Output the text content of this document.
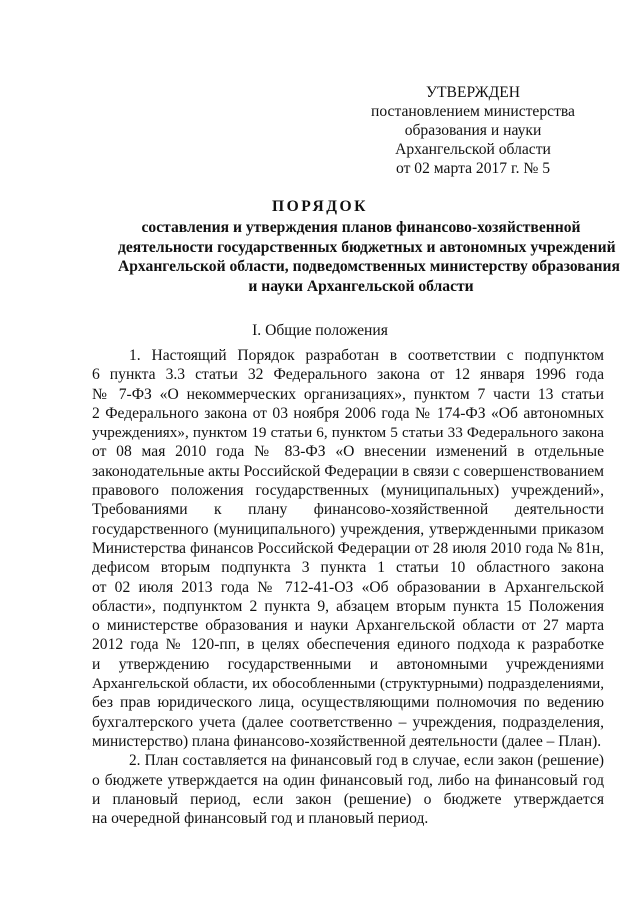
УТВЕРЖДЕН
постановлением министерства
образования и науки
Архангельской области
от 02 марта 2017 г. № 5
ПОРЯДОК
составления и утверждения планов финансово-хозяйственной
деятельности государственных бюджетных и автономных учреждений
Архангельской области, подведомственных министерству образования
и науки Архангельской области
I. Общие положения
1. Настоящий Порядок разработан в соответствии с подпунктом
6 пункта 3.3 статьи 32 Федерального закона от 12 января 1996 года
№ 7-ФЗ «О некоммерческих организациях», пунктом 7 части 13 статьи
2 Федерального закона от 03 ноября 2006 года № 174-ФЗ «Об автономных
учреждениях», пунктом 19 статьи 6, пунктом 5 статьи 33 Федерального закона
от 08 мая 2010 года № 83-ФЗ «О внесении изменений в отдельные
законодательные акты Российской Федерации в связи с совершенствованием
правового положения государственных (муниципальных) учреждений»,
Требованиями к плану финансово-хозяйственной деятельности
государственного (муниципального) учреждения, утвержденными приказом
Министерства финансов Российской Федерации от 28 июля 2010 года № 81н,
дефисом вторым подпункта 3 пункта 1 статьи 10 областного закона
от 02 июля 2013 года № 712-41-ОЗ «Об образовании в Архангельской
области», подпунктом 2 пункта 9, абзацем вторым пункта 15 Положения
о министерстве образования и науки Архангельской области от 27 марта
2012 года № 120-пп, в целях обеспечения единого подхода к разработке
и утверждению государственными и автономными учреждениями
Архангельской области, их обособленными (структурными) подразделениями,
без прав юридического лица, осуществляющими полномочия по ведению
бухгалтерского учета (далее соответственно – учреждения, подразделения,
министерство) плана финансово-хозяйственной деятельности (далее – План).
2. План составляется на финансовый год в случае, если закон (решение)
о бюджете утверждается на один финансовый год, либо на финансовый год
и плановый период, если закон (решение) о бюджете утверждается
на очередной финансовый год и плановый период.
